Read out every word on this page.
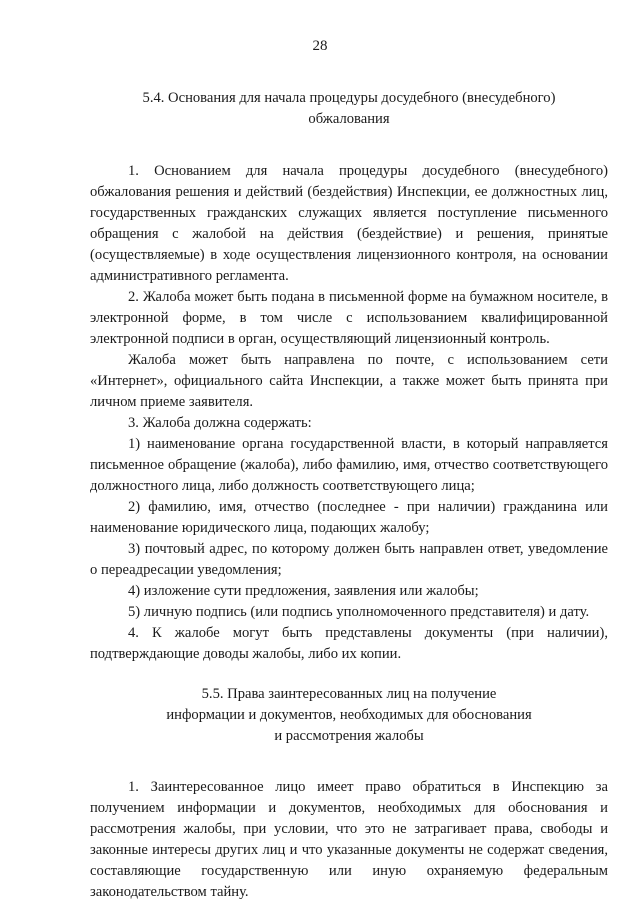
28
5.4. Основания для начала процедуры досудебного (внесудебного)
обжалования

1. Основанием для начала процедуры досудебного (внесудебного) обжалования решения и действий (бездействия) Инспекции, ее должностных лиц, государственных гражданских служащих является поступление письменного обращения с жалобой на действия (бездействие) и решения, принятые (осуществляемые) в ходе осуществления лицензионного контроля, на основании административного регламента.

2. Жалоба может быть подана в письменной форме на бумажном носителе, в электронной форме, в том числе с использованием квалифицированной электронной подписи в орган, осуществляющий лицензионный контроль.

Жалоба может быть направлена по почте, с использованием сети «Интернет», официального сайта Инспекции, а также может быть принята при личном приеме заявителя.

3. Жалоба должна содержать:

1) наименование органа государственной власти, в который направляется письменное обращение (жалоба), либо фамилию, имя, отчество соответствующего должностного лица, либо должность соответствующего лица;

2) фамилию, имя, отчество (последнее - при наличии) гражданина или наименование юридического лица, подающих жалобу;

3) почтовый адрес, по которому должен быть направлен ответ, уведомление о переадресации уведомления;

4) изложение сути предложения, заявления или жалобы;

5) личную подпись (или подпись уполномоченного представителя) и дату.

4. К жалобе могут быть представлены документы (при наличии), подтверждающие доводы жалобы, либо их копии.

5.5. Права заинтересованных лиц на получение
информации и документов, необходимых для обоснования
и рассмотрения жалобы

1. Заинтересованное лицо имеет право обратиться в Инспекцию за получением информации и документов, необходимых для обоснования и рассмотрения жалобы, при условии, что это не затрагивает права, свободы и законные интересы других лиц и что указанные документы не содержат сведения, составляющие государственную или иную охраняемую федеральным законодательством тайну.
